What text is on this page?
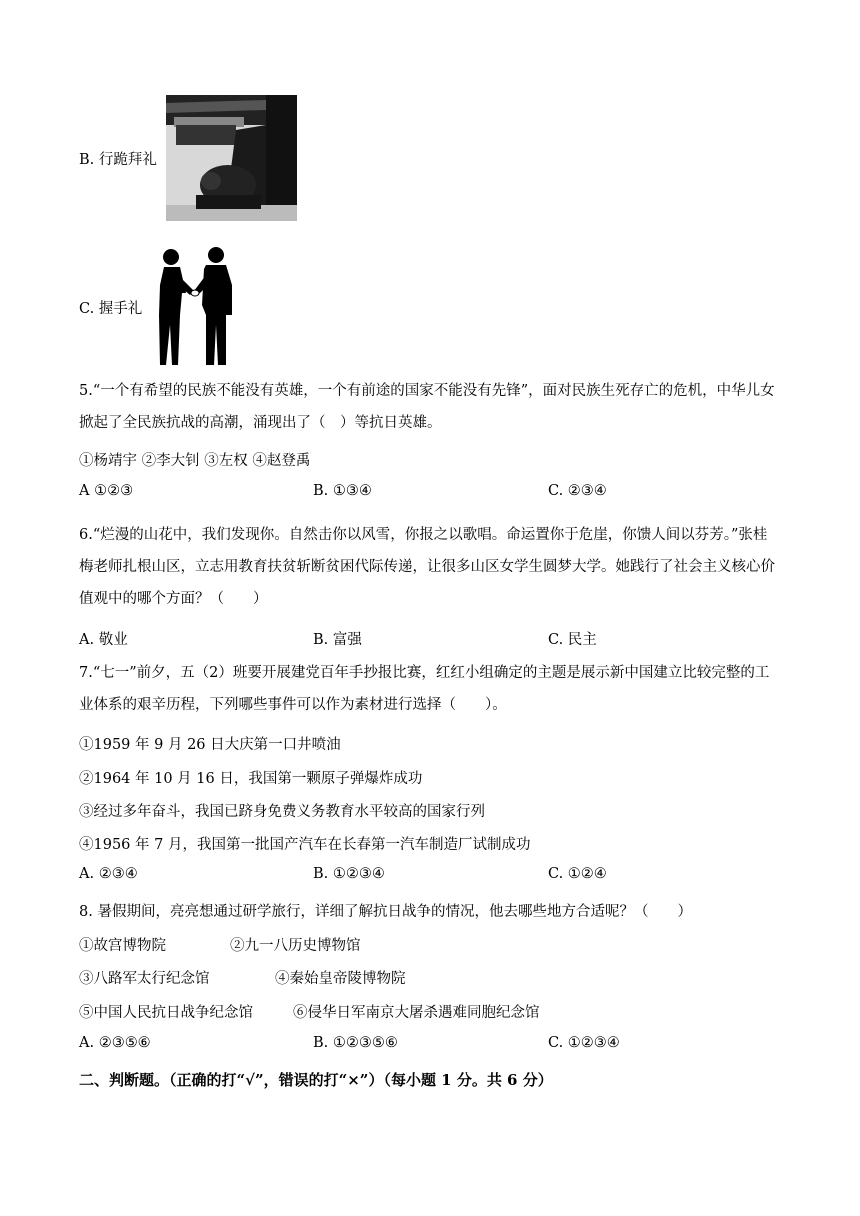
B. 行跪拜礼
C. 握手礼
5.“一个有希望的民族不能没有英雄，一个有前途的国家不能没有先锋”，面对民族生死存亡的危机，中华儿女掀起了全民族抗战的高潮，涌现出了（　）等抗日英雄。
①杨靖宇 ②李大钊 ③左权 ④赵登禹
A ①②③	B. ①③④	C. ②③④
6.“烂漫的山花中，我们发现你。自然击你以风雪，你报之以歌唱。命运置你于危崖，你馈人间以芬芳。”张桂梅老师扎根山区，立志用教育扶贫斩断贫困代际传递，让很多山区女学生圆梦大学。她践行了社会主义核心价值观中的哪个方面？（　　）
A. 敬业	B. 富强	C. 民主
7.“七一”前夕，五（2）班要开展建党百年手抄报比赛，红红小组确定的主题是展示新中国建立比较完整的工业体系的艰辛历程，下列哪些事件可以作为素材进行选择（　　）。
①1959 年 9 月 26 日大庆第一口井喷油
②1964 年 10 月 16 日，我国第一颗原子弹爆炸成功
③经过多年奋斗，我国已跻身免费义务教育水平较高的国家行列
④1956 年 7 月，我国第一批国产汽车在长春第一汽车制造厂试制成功
A. ②③④	B. ①②③④	C. ①②④
8. 暑假期间，亮亮想通过研学旅行，详细了解抗日战争的情况，他去哪些地方合适呢？（　　）
①故宫博物院	②九一八历史博物馆
③八路军太行纪念馆	④秦始皇帝陵博物院
⑤中国人民抗日战争纪念馆	⑥侵华日军南京大屠杀遇难同胞纪念馆
A. ②③⑤⑥	B. ①②③⑤⑥	C. ①②③④
二、判断题。（正确的打“√”，错误的打“×”）（每小题 1 分。共 6 分）
